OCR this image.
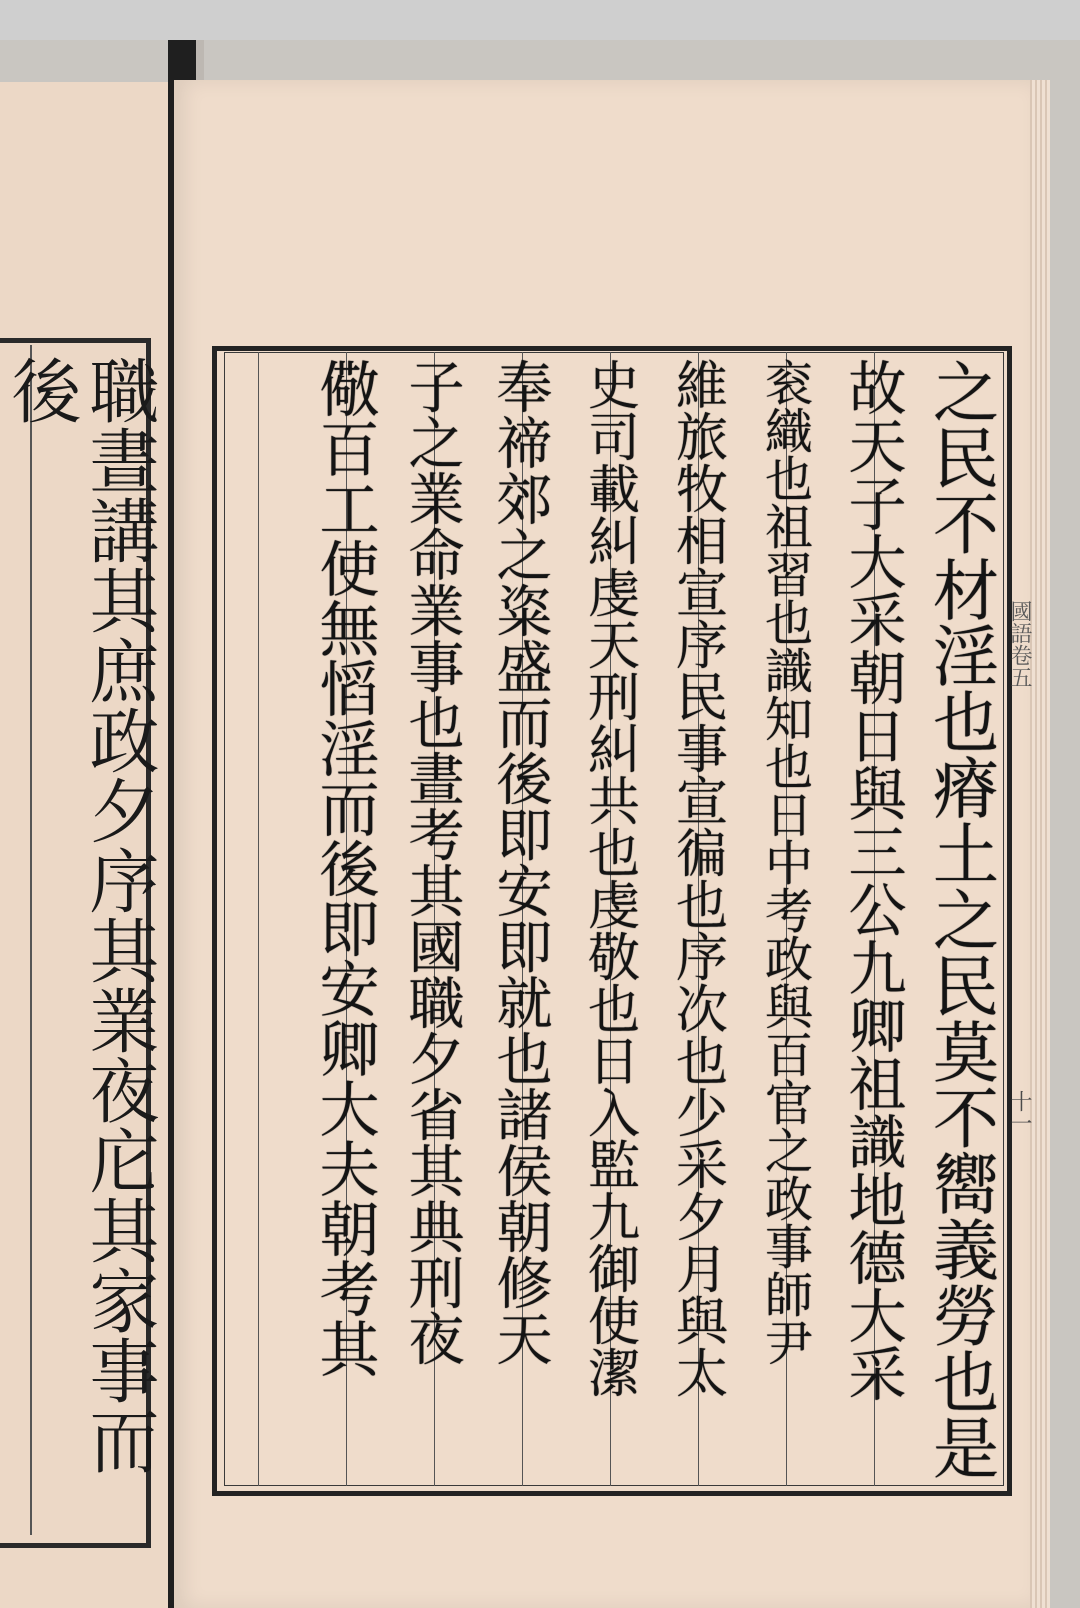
職晝講其庶政夕序其業夜庀其家事而後	之民不材淫也瘠土之民莫不嚮義勞也是
故天子大采朝日與三公九卿祖識地德大采
衮織也祖習也識知也日中考政與百官之政事師尹
維旅牧相宣序民事宣徧也序次也少采夕月與太
史司載糾虔天刑糾共也虔敬也日入監九御使潔
奉禘郊之粢盛而後即安即就也諸侯朝修天
子之業命業事也晝考其國職夕省其典刑夜
儆百工使無慆淫而後即安卿大夫朝考其	國語卷五
十一
